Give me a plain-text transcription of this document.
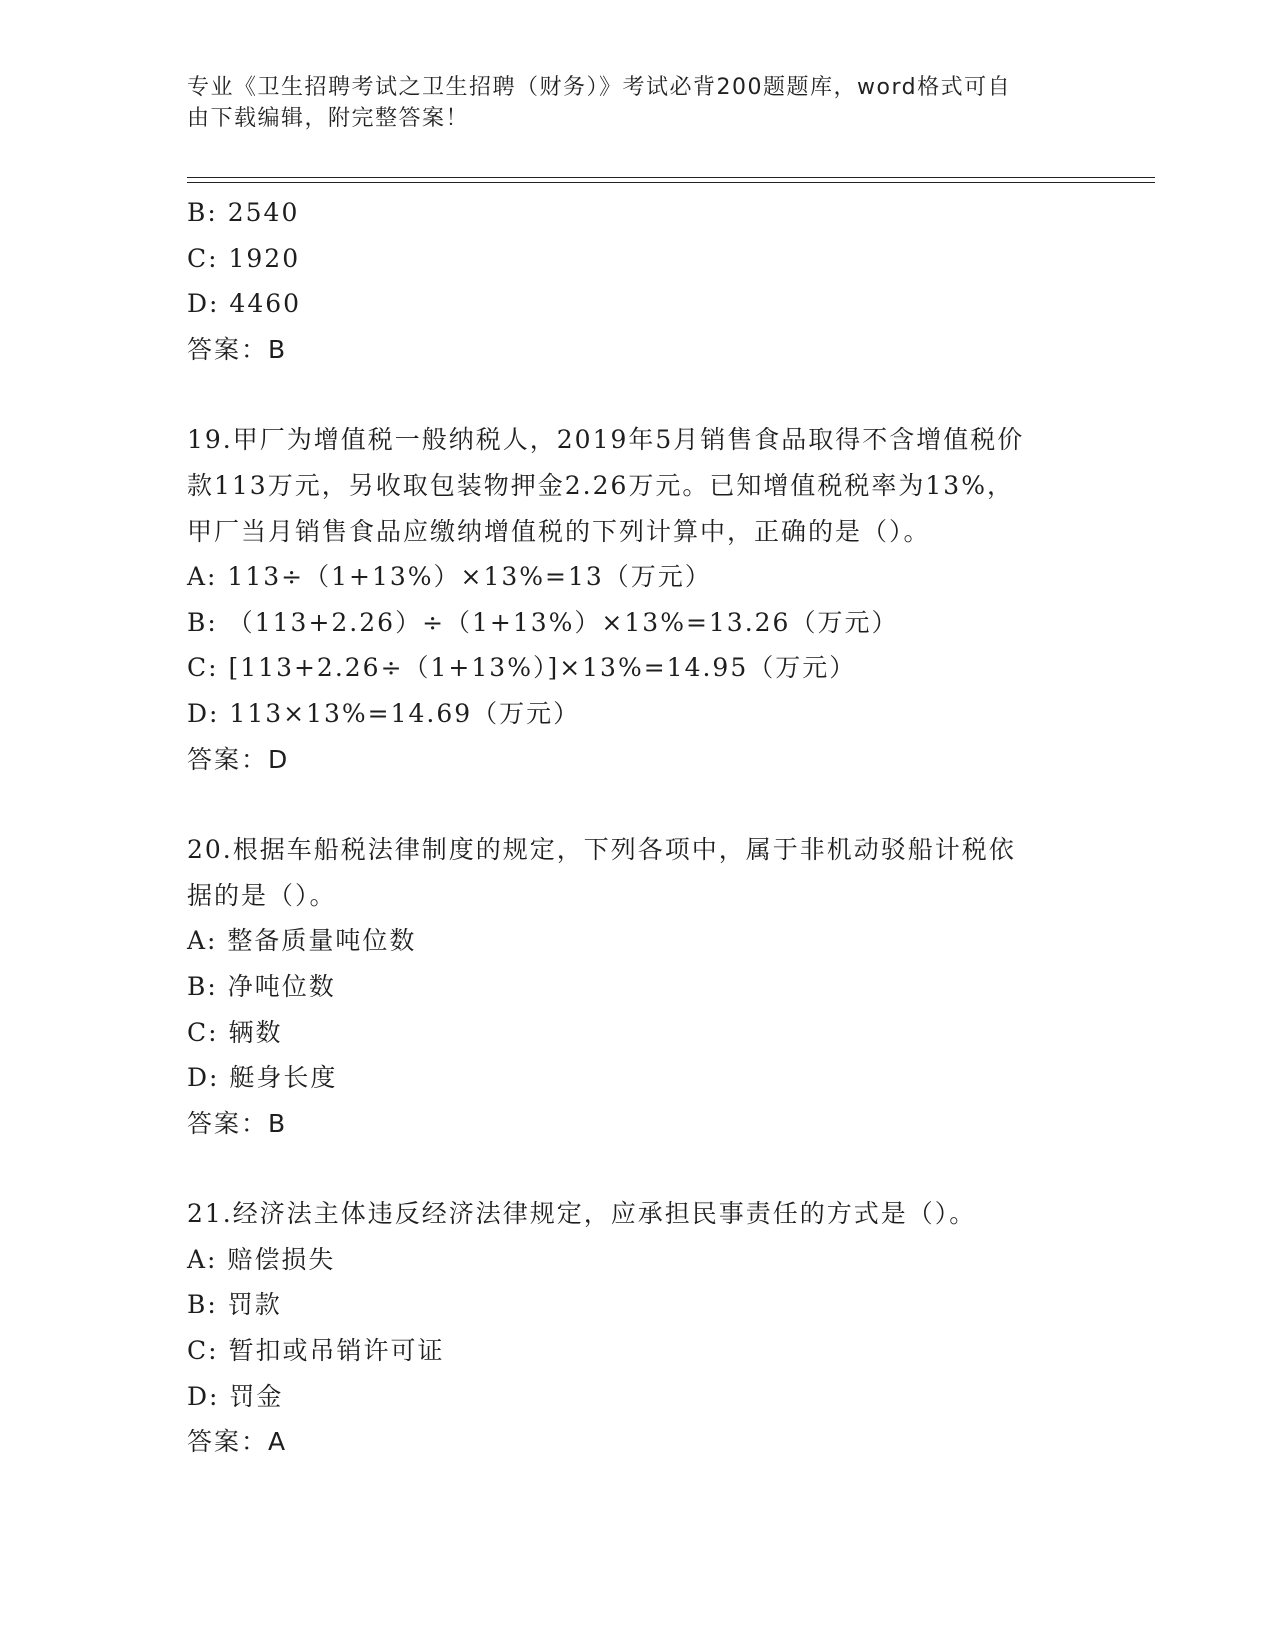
专业《卫生招聘考试之卫生招聘（财务）》考试必背200题题库，word格式可自
由下载编辑，附完整答案！
B: 2540
C: 1920
D: 4460
答案：B
19.甲厂为增值税一般纳税人，2019年5月销售食品取得不含增值税价
款113万元，另收取包装物押金2.26万元。已知增值税税率为13%，
甲厂当月销售食品应缴纳增值税的下列计算中，正确的是（）。
A: 113÷（1+13%）×13%=13（万元）
B: （113+2.26）÷（1+13%）×13%=13.26（万元）
C: [113+2.26÷（1+13%）]×13%=14.95（万元）
D: 113×13%=14.69（万元）
答案：D
20.根据车船税法律制度的规定，下列各项中，属于非机动驳船计税依
据的是（）。
A: 整备质量吨位数
B: 净吨位数
C: 辆数
D: 艇身长度
答案：B
21.经济法主体违反经济法律规定，应承担民事责任的方式是（）。
A: 赔偿损失
B: 罚款
C: 暂扣或吊销许可证
D: 罚金
答案：A
